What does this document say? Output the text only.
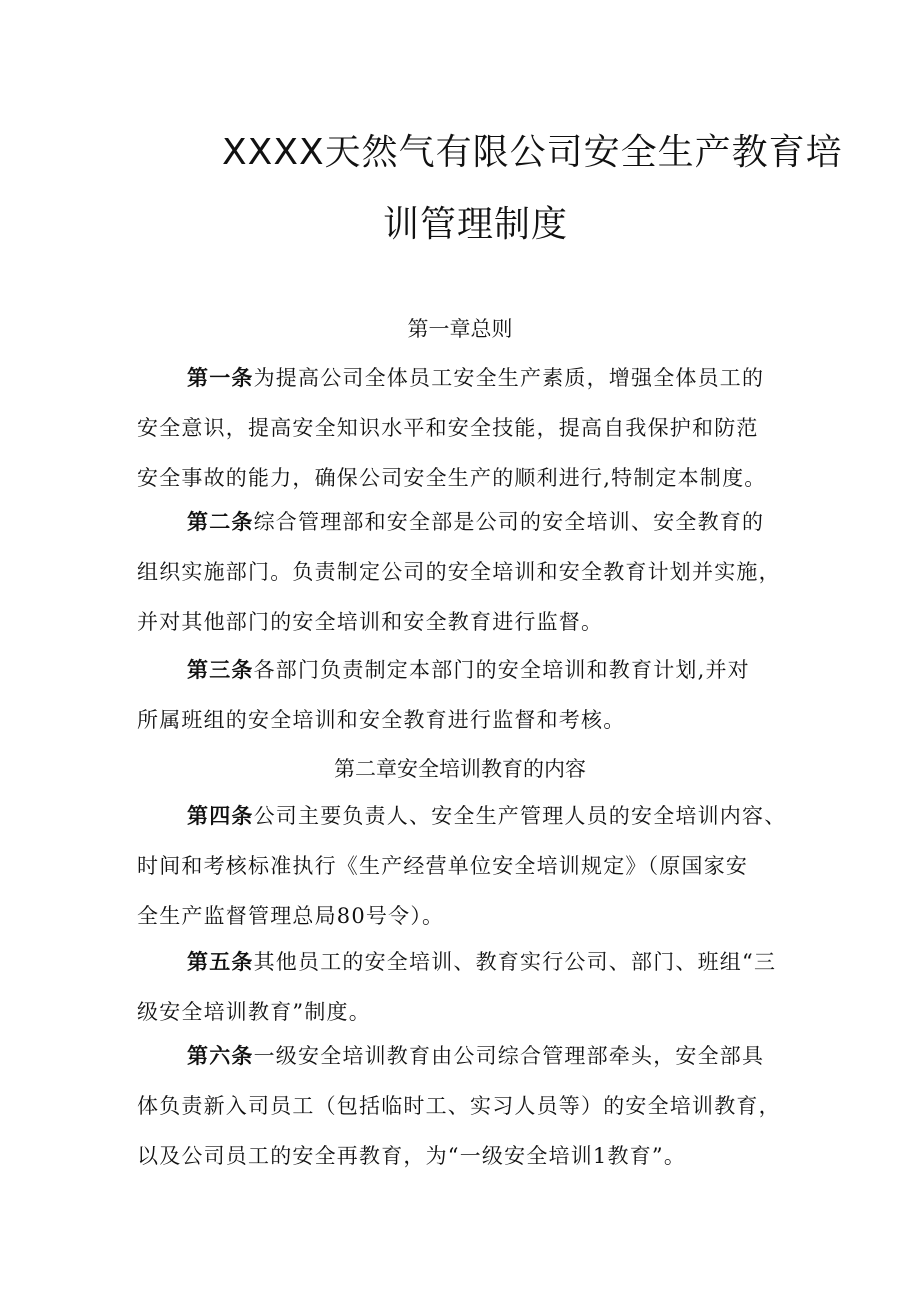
XXXX天然气有限公司安全生产教育培
训管理制度
第一章总则
第一条为提高公司全体员工安全生产素质，增强全体员工的
安全意识，提高安全知识水平和安全技能，提高自我保护和防范
安全事故的能力，确保公司安全生产的顺利进行,特制定本制度。
第二条综合管理部和安全部是公司的安全培训、安全教育的
组织实施部门。负责制定公司的安全培训和安全教育计划并实施，
并对其他部门的安全培训和安全教育进行监督。
第三条各部门负责制定本部门的安全培训和教育计划,并对
所属班组的安全培训和安全教育进行监督和考核。
第二章安全培训教育的内容
第四条公司主要负责人、安全生产管理人员的安全培训内容、
时间和考核标准执行《生产经营单位安全培训规定》（原国家安
全生产监督管理总局80号令）。
第五条其他员工的安全培训、教育实行公司、部门、班组“三
级安全培训教育”制度。
第六条一级安全培训教育由公司综合管理部牵头，安全部具
体负责新入司员工（包括临时工、实习人员等）的安全培训教育，
以及公司员工的安全再教育，为“一级安全培训1教育”。
